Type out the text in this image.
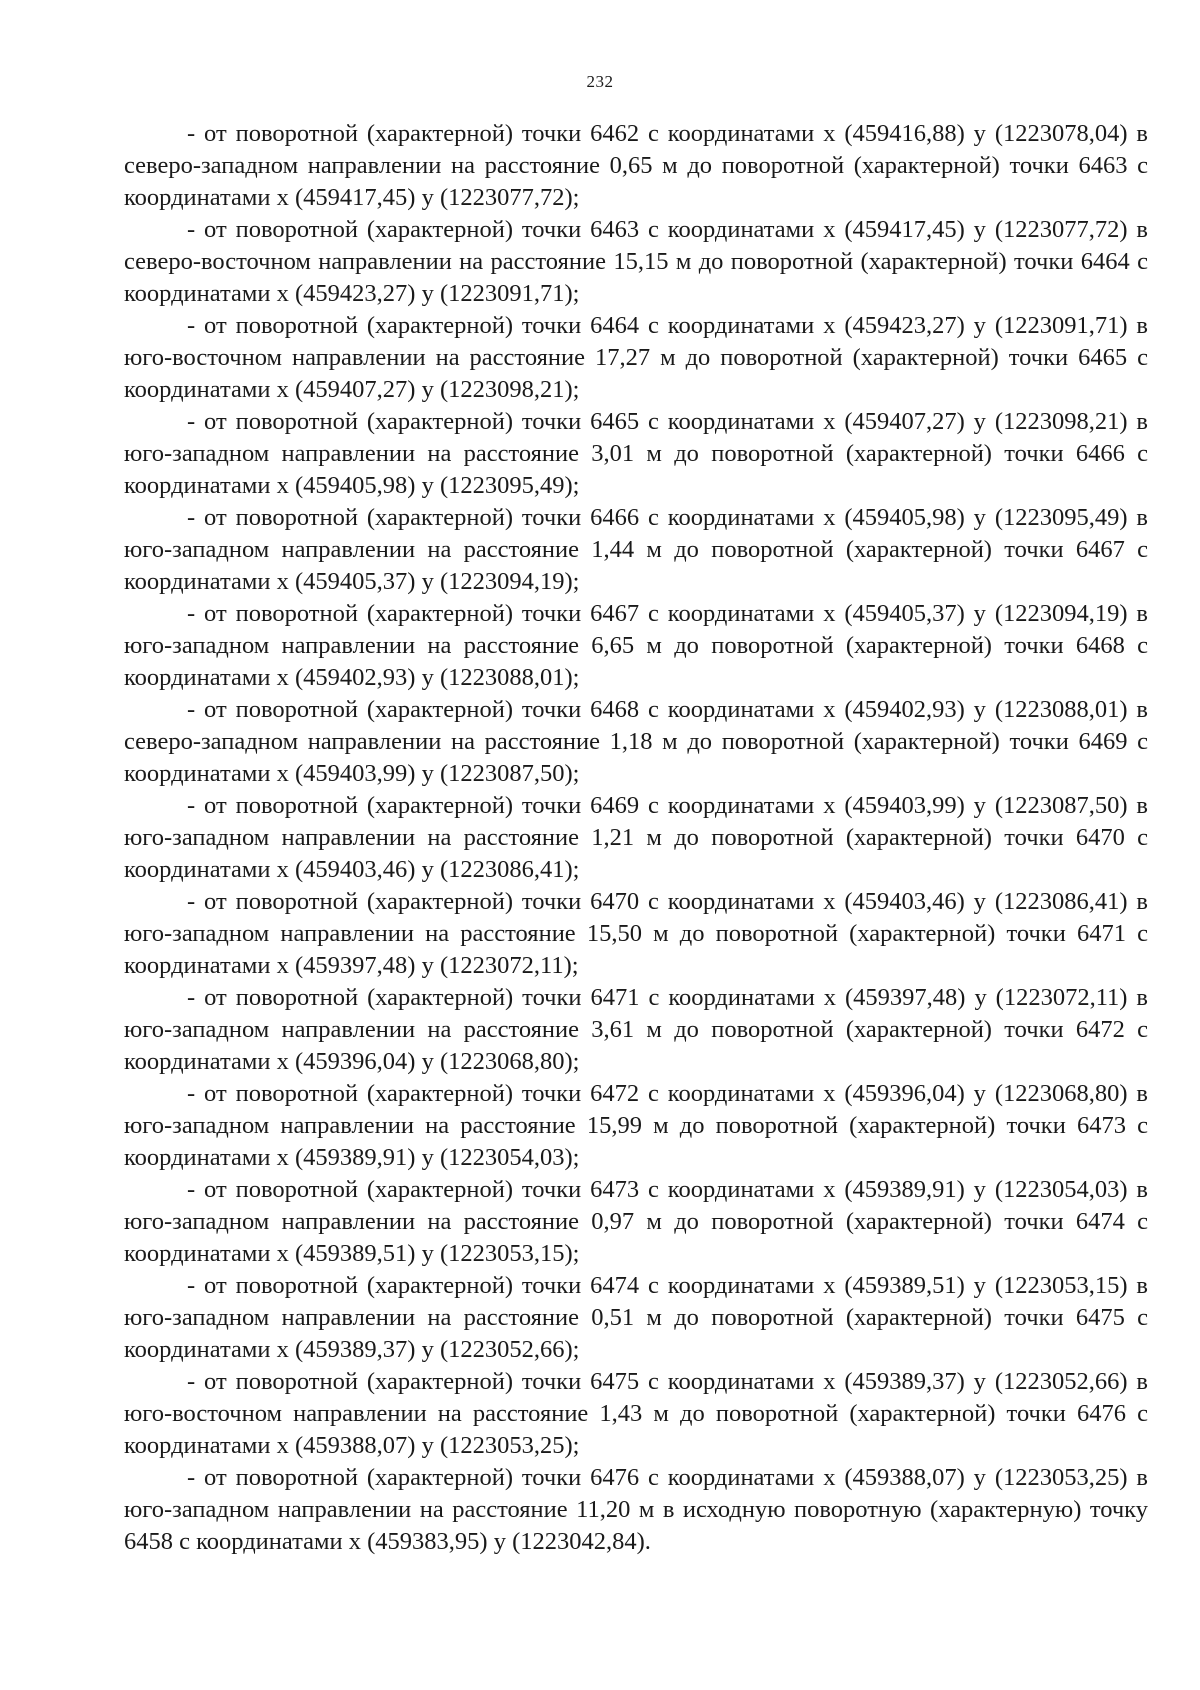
232

- от поворотной (характерной) точки 6462 с координатами х (459416,88) у (1223078,04) в северо-западном направлении на расстояние 0,65 м до поворотной (характерной) точки 6463 с координатами х (459417,45) у (1223077,72);

- от поворотной (характерной) точки 6463 с координатами х (459417,45) у (1223077,72) в северо-восточном направлении на расстояние 15,15 м до поворотной (характерной) точки 6464 с координатами х (459423,27) у (1223091,71);

- от поворотной (характерной) точки 6464 с координатами х (459423,27) у (1223091,71) в юго-восточном направлении на расстояние 17,27 м до поворотной (характерной) точки 6465 с координатами х (459407,27) у (1223098,21);

- от поворотной (характерной) точки 6465 с координатами х (459407,27) у (1223098,21) в юго-западном направлении на расстояние 3,01 м до поворотной (характерной) точки 6466 с координатами х (459405,98) у (1223095,49);

- от поворотной (характерной) точки 6466 с координатами х (459405,98) у (1223095,49) в юго-западном направлении на расстояние 1,44 м до поворотной (характерной) точки 6467 с координатами х (459405,37) у (1223094,19);

- от поворотной (характерной) точки 6467 с координатами х (459405,37) у (1223094,19) в юго-западном направлении на расстояние 6,65 м до поворотной (характерной) точки 6468 с координатами х (459402,93) у (1223088,01);

- от поворотной (характерной) точки 6468 с координатами х (459402,93) у (1223088,01) в северо-западном направлении на расстояние 1,18 м до поворотной (характерной) точки 6469 с координатами х (459403,99) у (1223087,50);

- от поворотной (характерной) точки 6469 с координатами х (459403,99) у (1223087,50) в юго-западном направлении на расстояние 1,21 м до поворотной (характерной) точки 6470 с координатами х (459403,46) у (1223086,41);

- от поворотной (характерной) точки 6470 с координатами х (459403,46) у (1223086,41) в юго-западном направлении на расстояние 15,50 м до поворотной (характерной) точки 6471 с координатами х (459397,48) у (1223072,11);

- от поворотной (характерной) точки 6471 с координатами х (459397,48) у (1223072,11) в юго-западном направлении на расстояние 3,61 м до поворотной (характерной) точки 6472 с координатами х (459396,04) у (1223068,80);

- от поворотной (характерной) точки 6472 с координатами х (459396,04) у (1223068,80) в юго-западном направлении на расстояние 15,99 м до поворотной (характерной) точки 6473 с координатами х (459389,91) у (1223054,03);

- от поворотной (характерной) точки 6473 с координатами х (459389,91) у (1223054,03) в юго-западном направлении на расстояние 0,97 м до поворотной (характерной) точки 6474 с координатами х (459389,51) у (1223053,15);

- от поворотной (характерной) точки 6474 с координатами х (459389,51) у (1223053,15) в юго-западном направлении на расстояние 0,51 м до поворотной (характерной) точки 6475 с координатами х (459389,37) у (1223052,66);

- от поворотной (характерной) точки 6475 с координатами х (459389,37) у (1223052,66) в юго-восточном направлении на расстояние 1,43 м до поворотной (характерной) точки 6476 с координатами х (459388,07) у (1223053,25);

- от поворотной (характерной) точки 6476 с координатами х (459388,07) у (1223053,25) в юго-западном направлении на расстояние 11,20 м в исходную поворотную (характерную) точку 6458 с координатами х (459383,95) у (1223042,84).
